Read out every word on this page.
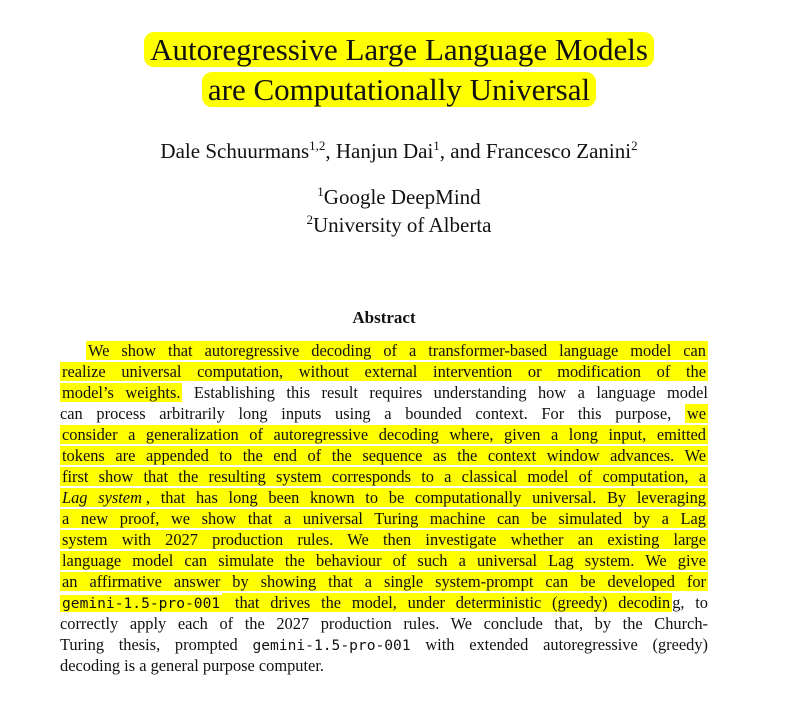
Autoregressive Large Language Models
are Computationally Universal
Dale Schuurmans$^{1,2}$, Hanjun Dai$^1$, and Francesco Zanini$^2$
$^1$Google DeepMind
$^2$University of Alberta
Abstract
We show that autoregressive decoding of a transformer-based language model can
realize universal computation, without external intervention or modification of the
model’s weights. Establishing this result requires understanding how a language model
can process arbitrarily long inputs using a bounded context. For this purpose, we
consider a generalization of autoregressive decoding where, given a long input, emitted
tokens are appended to the end of the sequence as the context window advances. We
first show that the resulting system corresponds to a classical model of computation, a
Lag system , that has long been known to be computationally universal. By leveraging
a new proof, we show that a universal Turing machine can be simulated by a Lag
system with 2027 production rules. We then investigate whether an existing large
language model can simulate the behaviour of such a universal Lag system. We give
an affirmative answer by showing that a single system-prompt can be developed for
gemini-1.5-pro-001 that drives the model, under deterministic (greedy) decodin g, to
correctly apply each of the 2027 production rules. We conclude that, by the Church-
Turing thesis, prompted gemini-1.5-pro-001 with extended autoregressive (greedy)
decoding is a general purpose computer.
